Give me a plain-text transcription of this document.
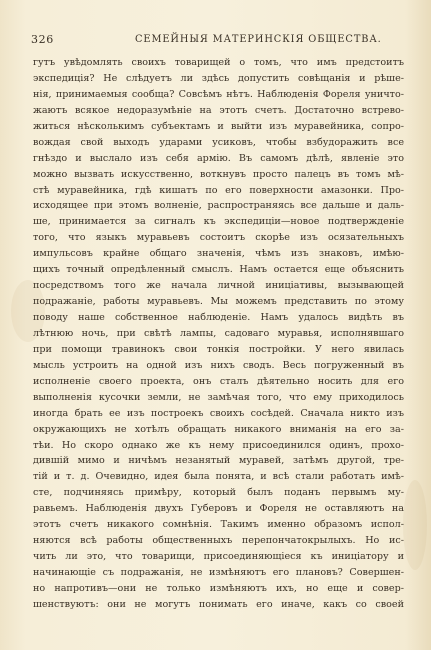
326	СЕМЕЙНЫЯ МАТЕРИНСКІЯ ОБЩЕСТВА.
гутъ увѣдомлять своихъ товарищей о томъ, что имъ предстоитъ
экспедиція? Не слѣдуетъ ли здѣсь допустить совѣщанія и рѣше-
нія, принимаемыя сообща? Совсѣмъ нѣтъ. Наблюденія Фореля уничто-
жаютъ всякое недоразумѣніе на этотъ счетъ. Достаточно встрево-
житься нѣсколькимъ субъектамъ и выйти изъ муравейника, сопро-
вождая свой выходъ ударами усиковъ, чтобы взбудоражить все
гнѣздо и выслало изъ себя армію. Въ самомъ дѣлѣ, явленіе это
можно вызвать искусственно, воткнувъ просто палецъ въ томъ мѣ-
стѣ муравейника, гдѣ кишатъ по его поверхности амазонки. Про-
исходящее при этомъ волненіе, распространяясь все дальше и даль-
ше, принимается за сигналъ къ экспедиціи—новое подтвержденіе
того, что языкъ муравьевъ состоитъ скорѣе изъ осязательныхъ
импульсовъ крайне общаго значенія, чѣмъ изъ знаковъ, имѣю-
щихъ точный опредѣленный смыслъ. Намъ остается еще объяснить
посредствомъ того же начала личной иниціативы, вызывающей
подражаніе, работы муравьевъ. Мы можемъ представить по этому
поводу наше собственное наблюденіе. Намъ удалось видѣть въ
лѣтнюю ночь, при свѣтѣ лампы, садоваго муравья, исполнявшаго
при помощи травинокъ свои тонкія постройки. У него явилась
мысль устроить на одной изъ нихъ сводъ. Весь погруженный въ
исполненіе своего проекта, онъ сталъ дѣятельно носить для его
выполненія кусочки земли, не замѣчая того, что ему приходилось
иногда брать ее изъ построекъ своихъ сосѣдей. Сначала никто изъ
окружающихъ не хотѣлъ обращать никакого вниманія на его за-
тѣи. Но скоро однако же къ нему присоединился одинъ, прохо-
дившій мимо и ничѣмъ незанятый муравей, затѣмъ другой, тре-
тій и т. д. Очевидно, идея была понята, и всѣ стали работать имѣ-
сте, подчиняясь примѣру, который былъ поданъ первымъ му-
равьемъ. Наблюденія двухъ Губеровъ и Фореля не оставляютъ на
этотъ счетъ никакого сомнѣнія. Такимъ именно образомъ испол-
няются всѣ работы общественныхъ перепончатокрылыхъ. Но ис-
чить ли это, что товарищи, присоединяющіеся къ иниціатору и
начинающіе съ подражанія, не измѣняютъ его плановъ? Совершен-
но напротивъ—они не только измѣняютъ ихъ, но еще и совер-
шенствуютъ: они не могутъ понимать его иначе, какъ со своей
